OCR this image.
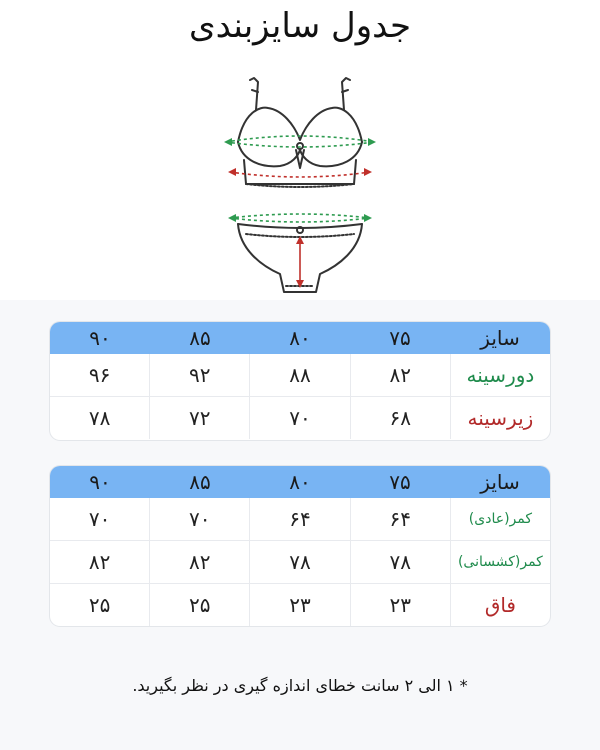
جدول سایزبندی
سایز
۷۵
۸۰
۸۵
۹۰
دورسینه
۸۲
۸۸
۹۲
۹۶
زیرسینه
۶۸
۷۰
۷۲
۷۸
سایز
۷۵
۸۰
۸۵
۹۰
کمر(عادی)
۶۴
۶۴
۷۰
۷۰
کمر(کشسانی)
۷۸
۷۸
۸۲
۸۲
فاق
۲۳
۲۳
۲۵
۲۵
* ۱ الی ۲ سانت خطای اندازه گیری در نظر بگیرید.
